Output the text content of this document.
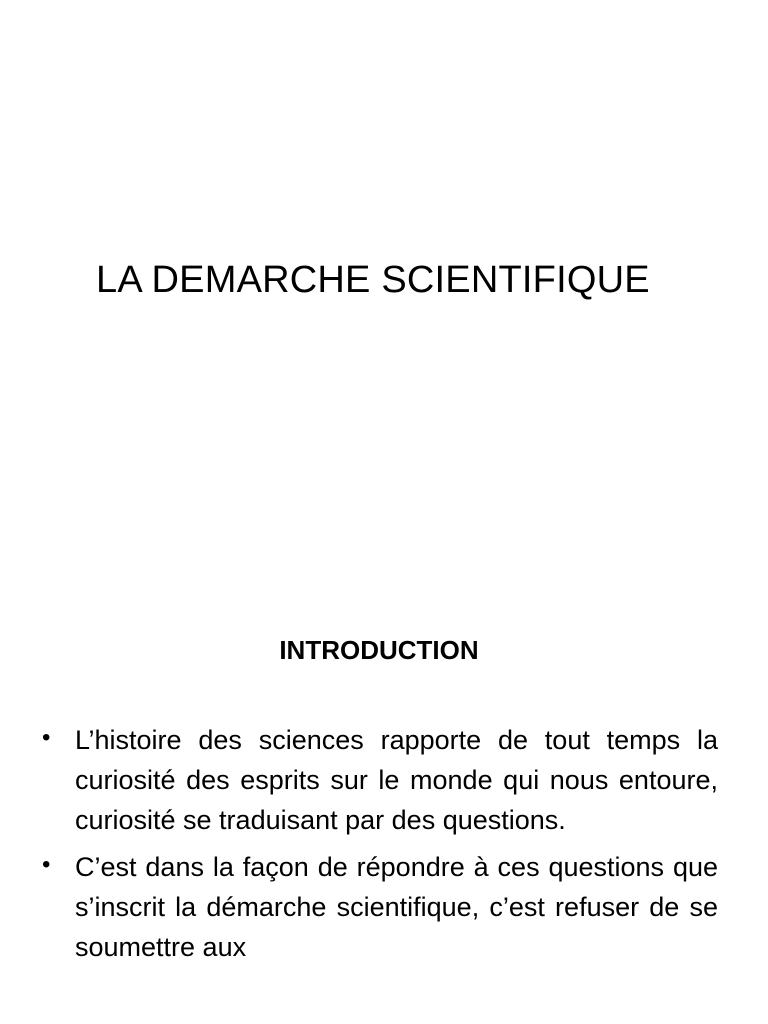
LA DEMARCHE SCIENTIFIQUE
INTRODUCTION
• L’histoire des sciences rapporte de tout temps la curiosité des esprits sur le monde qui nous entoure, curiosité se traduisant par des questions.
• C’est dans la façon de répondre à ces questions que s’inscrit la démarche scientifique, c’est refuser de se soumettre aux
